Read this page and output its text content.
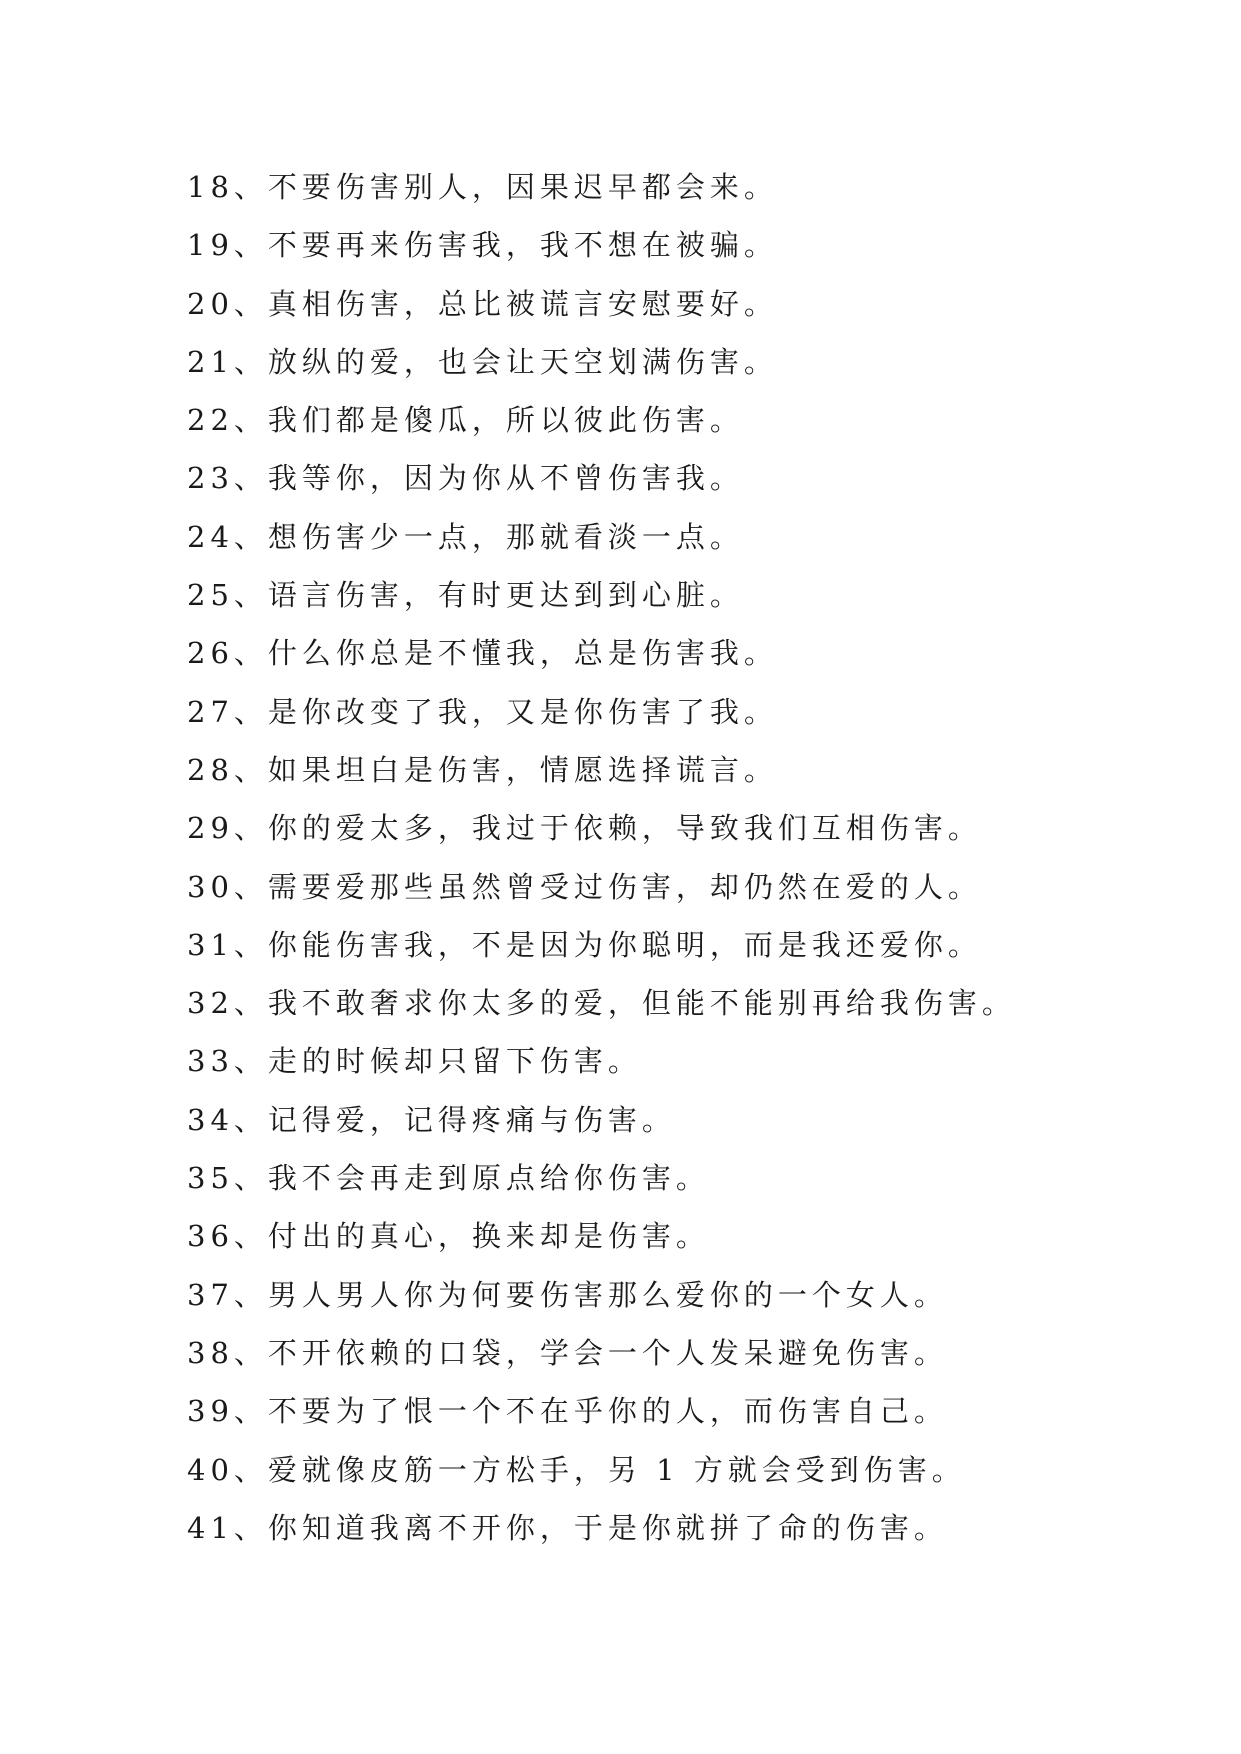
18、不要伤害别人，因果迟早都会来。
19、不要再来伤害我，我不想在被骗。
20、真相伤害，总比被谎言安慰要好。
21、放纵的爱，也会让天空划满伤害。
22、我们都是傻瓜，所以彼此伤害。
23、我等你，因为你从不曾伤害我。
24、想伤害少一点，那就看淡一点。
25、语言伤害，有时更达到到心脏。
26、什么你总是不懂我，总是伤害我。
27、是你改变了我，又是你伤害了我。
28、如果坦白是伤害，情愿选择谎言。
29、你的爱太多，我过于依赖，导致我们互相伤害。
30、需要爱那些虽然曾受过伤害，却仍然在爱的人。
31、你能伤害我，不是因为你聪明，而是我还爱你。
32、我不敢奢求你太多的爱，但能不能别再给我伤害。
33、走的时候却只留下伤害。
34、记得爱，记得疼痛与伤害。
35、我不会再走到原点给你伤害。
36、付出的真心，换来却是伤害。
37、男人男人你为何要伤害那么爱你的一个女人。
38、不开依赖的口袋，学会一个人发呆避免伤害。
39、不要为了恨一个不在乎你的人，而伤害自己。
40、爱就像皮筋一方松手，另 1 方就会受到伤害。
41、你知道我离不开你，于是你就拼了命的伤害。
